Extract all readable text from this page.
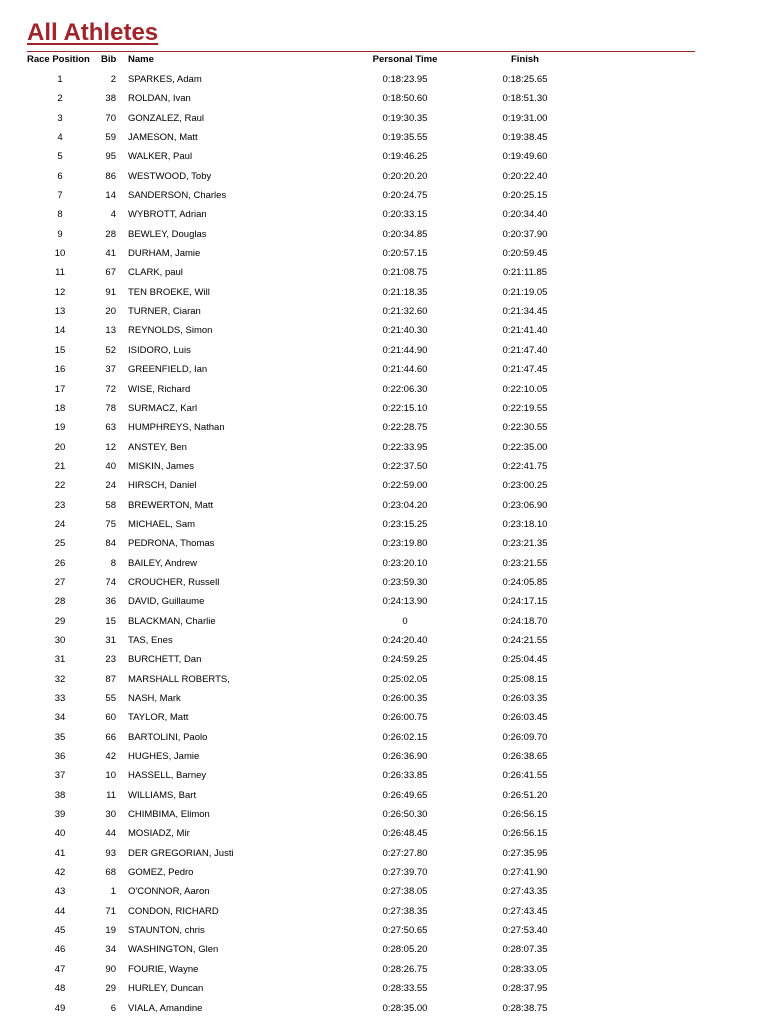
All Athletes
Race Position Bib Name	Personal Time	Finish
1	2 SPARKES, Adam	0:18:23.95	0:18:25.65
2	38 ROLDAN, Ivan	0:18:50.60	0:18:51.30
3	70 GONZALEZ, Raul	0:19:30.35	0:19:31.00
4	59 JAMESON, Matt	0:19:35.55	0:19:38.45
5	95 WALKER, Paul	0:19:46.25	0:19:49.60
6	86 WESTWOOD, Toby	0:20:20.20	0:20:22.40
7	14 SANDERSON, Charles	0:20:24.75	0:20:25.15
8	4 WYBROTT, Adrian	0:20:33.15	0:20:34.40
9	28 BEWLEY, Douglas	0:20:34.85	0:20:37.90
10	41 DURHAM, Jamie	0:20:57.15	0:20:59.45
11	67 CLARK, paul	0:21:08.75	0:21:11.85
12	91 TEN BROEKE, Will	0:21:18.35	0:21:19.05
13	20 TURNER, Ciaran	0:21:32.60	0:21:34.45
14	13 REYNOLDS, Simon	0:21:40.30	0:21:41.40
15	52 ISIDORO, Luis	0:21:44.90	0:21:47.40
16	37 GREENFIELD, Ian	0:21:44.60	0:21:47.45
17	72 WISE, Richard	0:22:06.30	0:22:10.05
18	78 SURMACZ, Karl	0:22:15.10	0:22:19.55
19	63 HUMPHREYS, Nathan	0:22:28.75	0:22:30.55
20	12 ANSTEY, Ben	0:22:33.95	0:22:35.00
21	40 MISKIN, James	0:22:37.50	0:22:41.75
22	24 HIRSCH, Daniel	0:22:59.00	0:23:00.25
23	58 BREWERTON, Matt	0:23:04.20	0:23:06.90
24	75 MICHAEL, Sam	0:23:15.25	0:23:18.10
25	84 PEDRONA, Thomas	0:23:19.80	0:23:21.35
26	8 BAILEY, Andrew	0:23:20.10	0:23:21.55
27	74 CROUCHER, Russell	0:23:59.30	0:24:05.85
28	36 DAVID, Guillaume	0:24:13.90	0:24:17.15
29	15 BLACKMAN, Charlie	0	0:24:18.70
30	31 TAS, Enes	0:24:20.40	0:24:21.55
31	23 BURCHETT, Dan	0:24:59.25	0:25:04.45
32	87 MARSHALL ROBERTS,	0:25:02.05	0:25:08.15
33	55 NASH, Mark	0:26:00.35	0:26:03.35
34	60 TAYLOR, Matt	0:26:00.75	0:26:03.45
35	66 BARTOLINI, Paolo	0:26:02.15	0:26:09.70
36	42 HUGHES, Jamie	0:26:36.90	0:26:38.65
37	10 HASSELL, Barney	0:26:33.85	0:26:41.55
38	11 WILLIAMS, Bart	0:26:49.65	0:26:51.20
39	30 CHIMBIMA, Elimon	0:26:50.30	0:26:56.15
40	44 MOSIADZ, Mir	0:26:48.45	0:26:56.15
41	93 DER GREGORIAN, Justi	0:27:27.80	0:27:35.95
42	68 GOMEZ, Pedro	0:27:39.70	0:27:41.90
43	1 O'CONNOR, Aaron	0:27:38.05	0:27:43.35
44	71 CONDON, RICHARD	0:27:38.35	0:27:43.45
45	19 STAUNTON, chris	0:27:50.65	0:27:53.40
46	34 WASHINGTON, Glen	0:28:05.20	0:28:07.35
47	90 FOURIE, Wayne	0:28:26.75	0:28:33.05
48	29 HURLEY, Duncan	0:28:33.55	0:28:37.95
49	6 VIALA, Amandine	0:28:35.00	0:28:38.75
